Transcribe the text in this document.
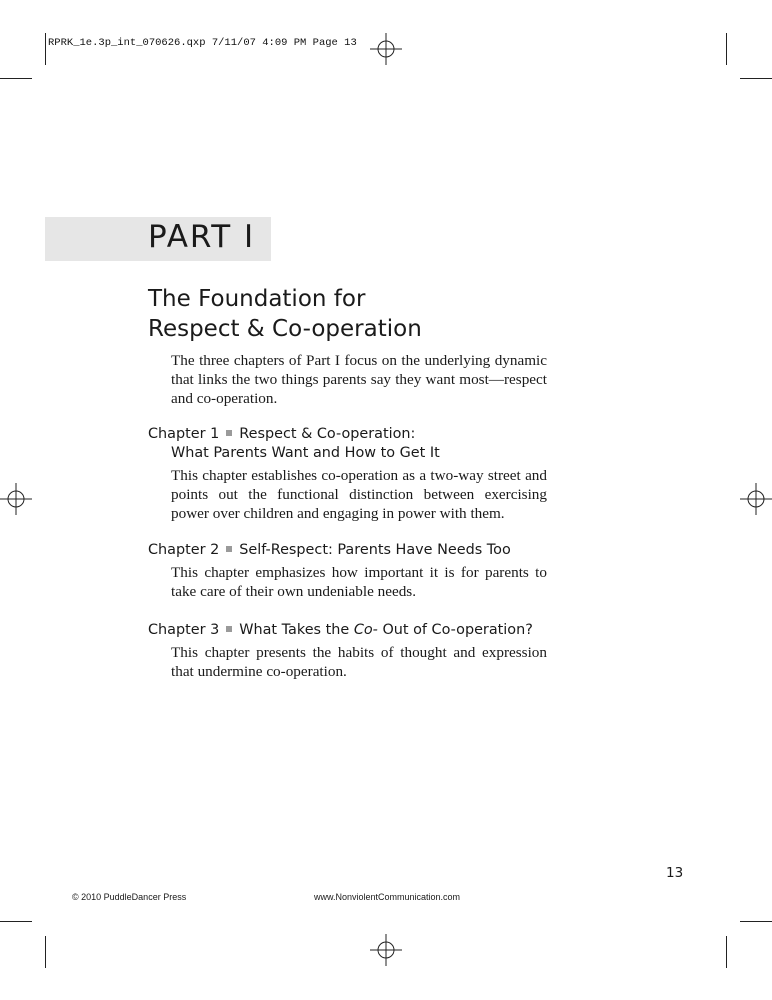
RPRK_1e.3p_int_070626.qxp 7/11/07 4:09 PM Page 13
PART I
The Foundation for
Respect & Co-operation
The three chapters of Part I focus on the underlying dynamic that links the two things parents say they want most—respect and co-operation.
Chapter 1 Respect & Co-operation:
What Parents Want and How to Get It
This chapter establishes co-operation as a two-way street and points out the functional distinction between exercising power over children and engaging in power with them.
Chapter 2 Self-Respect: Parents Have Needs Too
This chapter emphasizes how important it is for parents to take care of their own undeniable needs.
Chapter 3 What Takes the Co- Out of Co-operation?
This chapter presents the habits of thought and expression that undermine co-operation.
13
© 2010 PuddleDancer Press	www.NonviolentCommunication.com
